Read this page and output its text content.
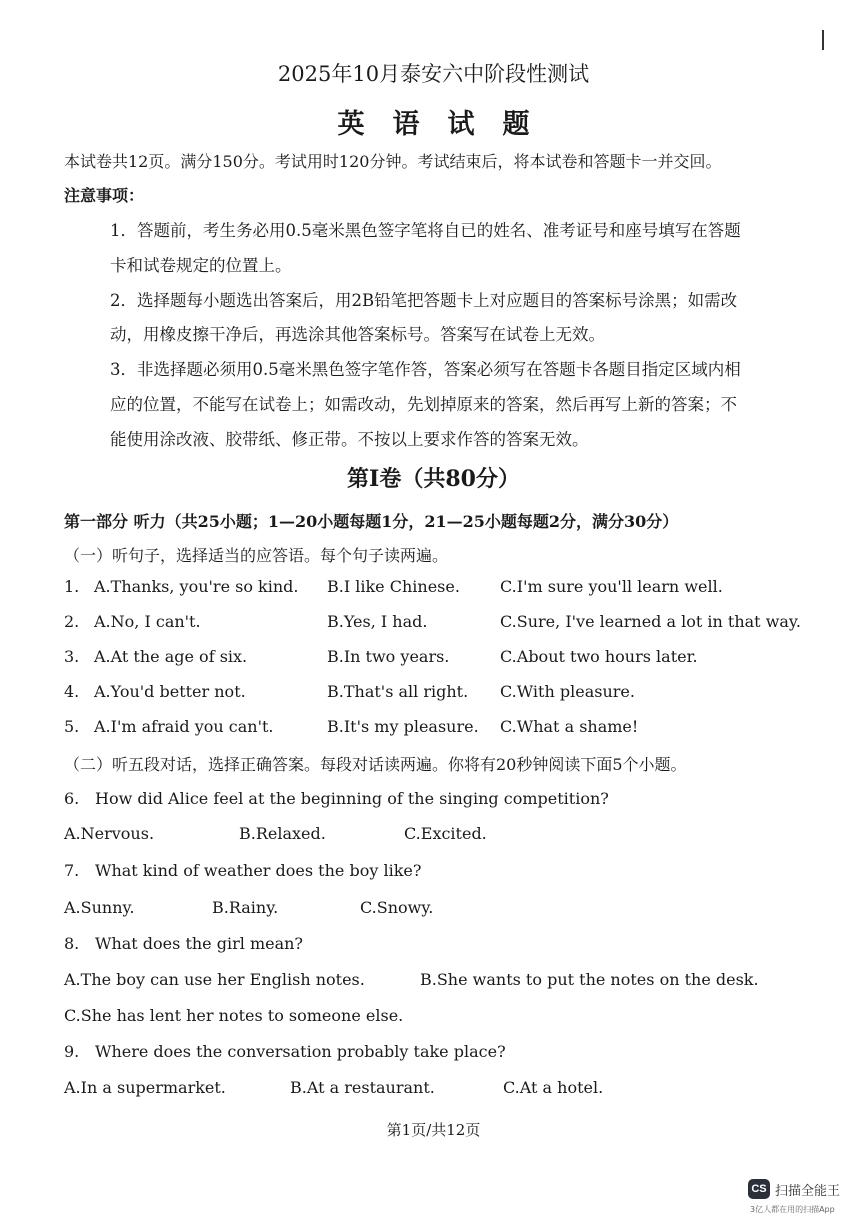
2025年10月泰安六中阶段性测试
英语试题
本试卷共12页。满分150分。考试用时120分钟。考试结束后，将本试卷和答题卡一并交回。
注意事项：
1．答题前，考生务必用0.5毫米黑色签字笔将自已的姓名、准考证号和座号填写在答题
卡和试卷规定的位置上。
2．选择题每小题选出答案后，用2B铅笔把答题卡上对应题目的答案标号涂黑；如需改
动，用橡皮擦干净后，再选涂其他答案标号。答案写在试卷上无效。
3．非选择题必须用0.5毫米黑色签字笔作答，答案必须写在答题卡各题目指定区域内相
应的位置，不能写在试卷上；如需改动，先划掉原来的答案，然后再写上新的答案；不
能使用涂改液、胶带纸、修正带。不按以上要求作答的答案无效。
第Ⅰ卷（共80分）
第一部分 听力（共25小题；1—20小题每题1分，21—25小题每题2分，满分30分）
（一）听句子，选择适当的应答语。每个句子读两遍。
1. A.Thanks, you're so kind. B.I like Chinese.	C.I'm sure you'll learn well.
2. A.No, I can't.	B.Yes, I had.	C.Sure, I've learned a lot in that way.
3. A.At the age of six.	B.In two years.	C.About two hours later.
4. A.You'd better not.	B.That's all right. C.With pleasure.
5. A.I'm afraid you can't.	B.It's my pleasure. C.What a shame!
（二）听五段对话，选择正确答案。每段对话读两遍。你将有20秒钟阅读下面5个小题。
6. How did Alice feel at the beginning of the singing competition?
A.Nervous.	B.Relaxed.	C.Excited.
7. What kind of weather does the boy like?
A.Sunny.	B.Rainy.	C.Snowy.
8. What does the girl mean?
A.The boy can use her English notes.	B.She wants to put the notes on the desk.
C.She has lent her notes to someone else.
9. Where does the conversation probably take place?
A.In a supermarket.	B.At a restaurant.	C.At a hotel.
第1页/共12页
CS 扫描全能王
3亿人都在用的扫描App
